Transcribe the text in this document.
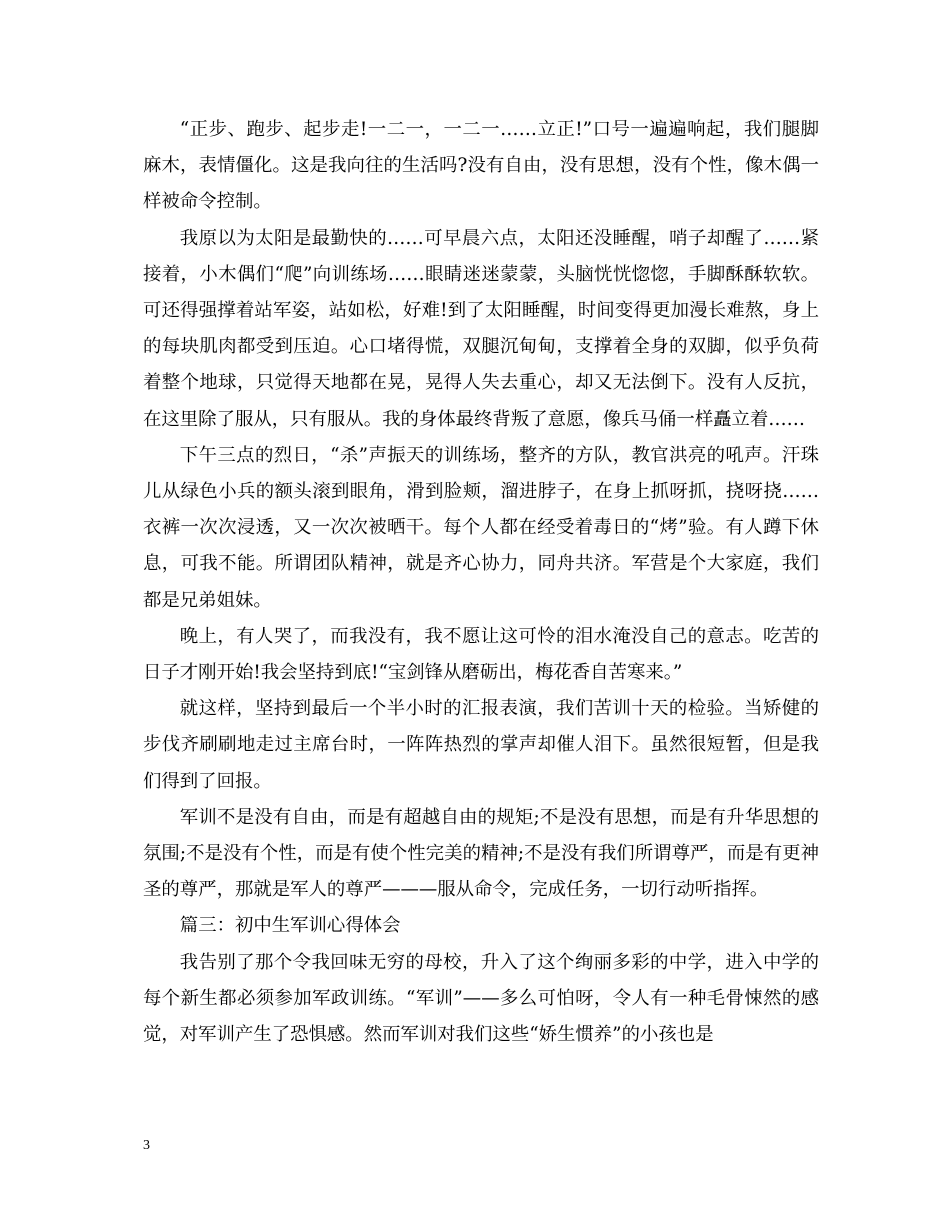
“正步、跑步、起步走!一二一，一二一……立正!”口号一遍遍响起，我们腿脚麻木，表情僵化。这是我向往的生活吗?没有自由，没有思想，没有个性，像木偶一样被命令控制。

我原以为太阳是最勤快的……可早晨六点，太阳还没睡醒，哨子却醒了……紧接着，小木偶们“爬”向训练场……眼睛迷迷蒙蒙，头脑恍恍惚惚，手脚酥酥软软。可还得强撑着站军姿，站如松，好难!到了太阳睡醒，时间变得更加漫长难熬，身上的每块肌肉都受到压迫。心口堵得慌，双腿沉甸甸，支撑着全身的双脚，似乎负荷着整个地球，只觉得天地都在晃，晃得人失去重心，却又无法倒下。没有人反抗，在这里除了服从，只有服从。我的身体最终背叛了意愿，像兵马俑一样矗立着……

下午三点的烈日，“杀”声振天的训练场，整齐的方队，教官洪亮的吼声。汗珠儿从绿色小兵的额头滚到眼角，滑到脸颊，溜进脖子，在身上抓呀抓，挠呀挠……衣裤一次次浸透，又一次次被晒干。每个人都在经受着毒日的“烤”验。有人蹲下休息，可我不能。所谓团队精神，就是齐心协力，同舟共济。军营是个大家庭，我们都是兄弟姐妹。

晚上，有人哭了，而我没有，我不愿让这可怜的泪水淹没自己的意志。吃苦的日子才刚开始!我会坚持到底!“宝剑锋从磨砺出，梅花香自苦寒来。”

就这样，坚持到最后一个半小时的汇报表演，我们苦训十天的检验。当矫健的步伐齐刷刷地走过主席台时，一阵阵热烈的掌声却催人泪下。虽然很短暂，但是我们得到了回报。

军训不是没有自由，而是有超越自由的规矩;不是没有思想，而是有升华思想的氛围;不是没有个性，而是有使个性完美的精神;不是没有我们所谓尊严，而是有更神圣的尊严，那就是军人的尊严———服从命令，完成任务，一切行动听指挥。

篇三：初中生军训心得体会

我告别了那个令我回味无穷的母校，升入了这个绚丽多彩的中学，进入中学的每个新生都必须参加军政训练。“军训”——多么可怕呀，令人有一种毛骨悚然的感觉，对军训产生了恐惧感。然而军训对我们这些“娇生惯养”的小孩也是

3
